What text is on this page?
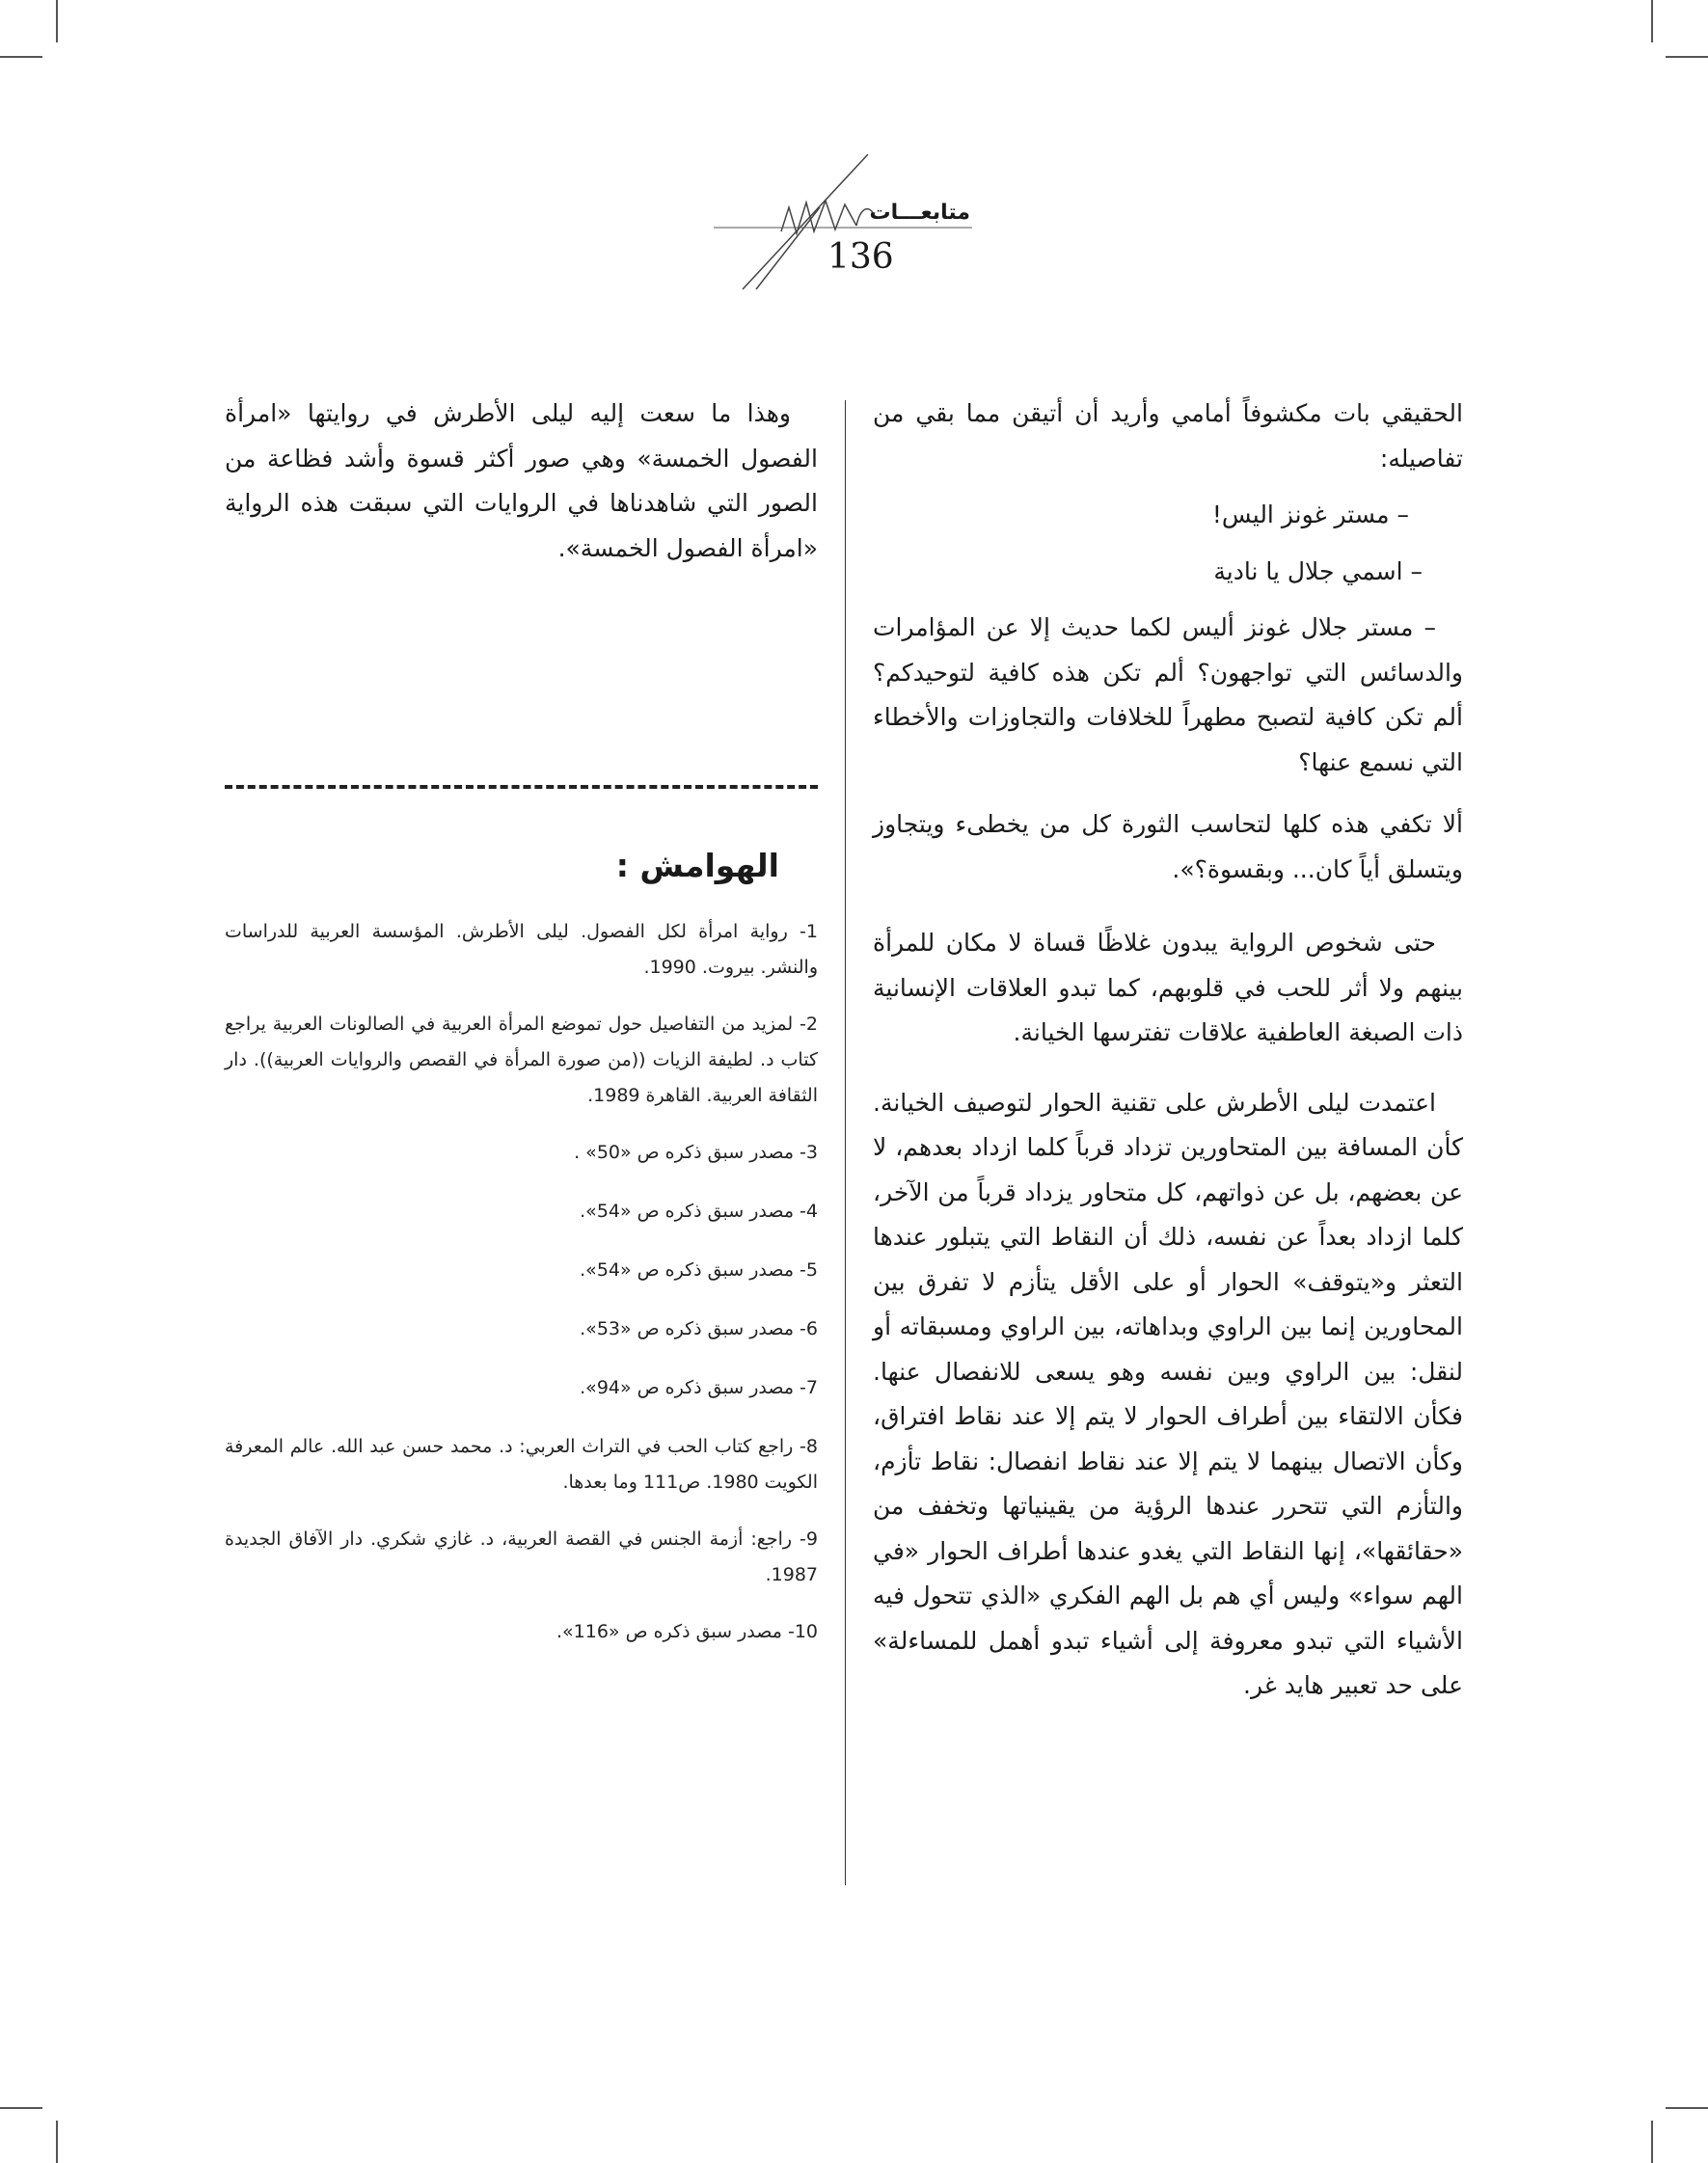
متابعـــات
136

الحقيقي بات مكشوفاً أمامي وأريد أن أتيقن مما بقي من تفاصيله:

– مستر غونز اليس!

– اسمي جلال يا نادية

– مستر جلال غونز أليس لكما حديث إلا عن المؤامرات والدسائس التي تواجهون؟ ألم تكن هذه كافية لتوحيدكم؟ ألم تكن كافية لتصبح مطهراً للخلافات والتجاوزات والأخطاء التي نسمع عنها؟

ألا تكفي هذه كلها لتحاسب الثورة كل من يخطىء ويتجاوز ويتسلق أياً كان... وبقسوة؟».

حتى شخوص الرواية يبدون غلاظًا قساة لا مكان للمرأة بينهم ولا أثر للحب في قلوبهم، كما تبدو العلاقات الإنسانية ذات الصبغة العاطفية علاقات تفترسها الخيانة.

اعتمدت ليلى الأطرش على تقنية الحوار لتوصيف الخيانة. كأن المسافة بين المتحاورين تزداد قرباً كلما ازداد بعدهم، لا عن بعضهم، بل عن ذواتهم، كل متحاور يزداد قرباً من الآخر، كلما ازداد بعداً عن نفسه، ذلك أن النقاط التي يتبلور عندها التعثر و«يتوقف» الحوار أو على الأقل يتأزم لا تفرق بين المحاورين إنما بين الراوي وبداهاته، بين الراوي ومسبقاته أو لنقل: بين الراوي وبين نفسه وهو يسعى للانفصال عنها. فكأن الالتقاء بين أطراف الحوار لا يتم إلا عند نقاط افتراق، وكأن الاتصال بينهما لا يتم إلا عند نقاط انفصال: نقاط تأزم، والتأزم التي تتحرر عندها الرؤية من يقينياتها وتخفف من «حقائقها»، إنها النقاط التي يغدو عندها أطراف الحوار «في الهم سواء» وليس أي هم بل الهم الفكري «الذي تتحول فيه الأشياء التي تبدو معروفة إلى أشياء تبدو أهمل للمساءلة» على حد تعبير هايد غر.

وهذا ما سعت إليه ليلى الأطرش في روايتها «امرأة الفصول الخمسة» وهي صور أكثر قسوة وأشد فظاعة من الصور التي شاهدناها في الروايات التي سبقت هذه الرواية «امرأة الفصول الخمسة».

الهوامش :

1- رواية امرأة لكل الفصول. ليلى الأطرش. المؤسسة العربية للدراسات والنشر. بيروت. 1990.

2- لمزيد من التفاصيل حول تموضع المرأة العربية في الصالونات العربية يراجع كتاب د. لطيفة الزيات ((من صورة المرأة في القصص والروايات العربية)). دار الثقافة العربية. القاهرة 1989.

3- مصدر سبق ذكره ص «50» .

4- مصدر سبق ذكره ص «54».

5- مصدر سبق ذكره ص «54».

6- مصدر سبق ذكره ص «53».

7- مصدر سبق ذكره ص «94».

8- راجع كتاب الحب في التراث العربي: د. محمد حسن عبد الله. عالم المعرفة الكويت 1980. ص111 وما بعدها.

9- راجع: أزمة الجنس في القصة العربية، د. غازي شكري. دار الآفاق الجديدة 1987.

10- مصدر سبق ذكره ص «116».
